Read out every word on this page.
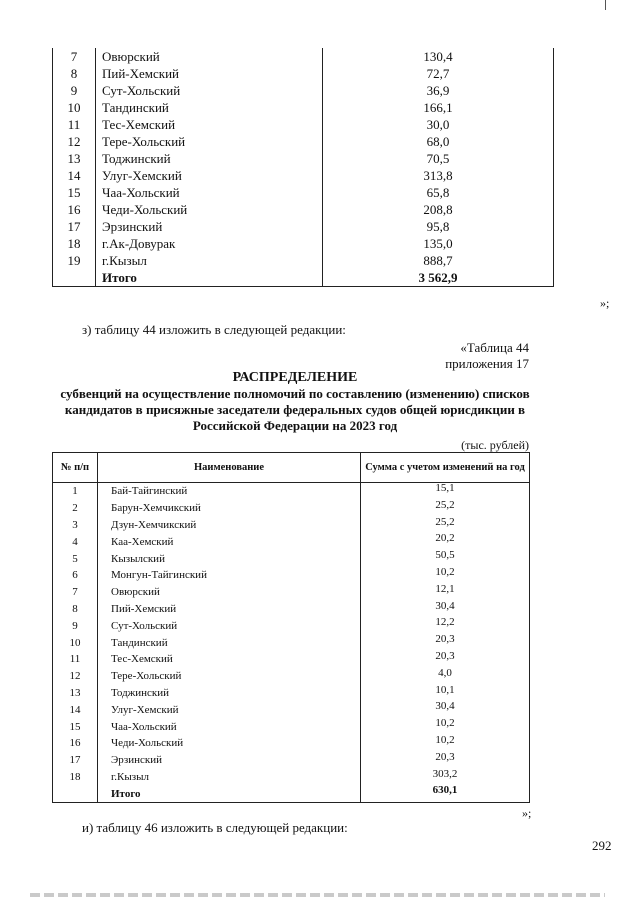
7	Овюрский	130,4
8	Пий-Хемский	72,7
9	Сут-Хольский	36,9
10	Тандинский	166,1
11	Тес-Хемский	30,0
12	Тере-Хольский	68,0
13	Тоджинский	70,5
14	Улуг-Хемский	313,8
15	Чаа-Хольский	65,8
16	Чеди-Хольский	208,8
17	Эрзинский	95,8
18	г.Ак-Довурак	135,0
19	г.Кызыл	888,7
	Итого	3 562,9
»;
з) таблицу 44 изложить в следующей редакции:
«Таблица 44
приложения 17
РАСПРЕДЕЛЕНИЕ
субвенций на осуществление полномочий по составлению (изменению) списков
кандидатов в присяжные заседатели федеральных судов общей юрисдикции в
Российской Федерации на 2023 год
(тыс. рублей)
№ п/п	Наименование	Сумма с учетом изменений на год
1	Бай-Тайгинский	15,1
2	Барун-Хемчикский	25,2
3	Дзун-Хемчикский	25,2
4	Каа-Хемский	20,2
5	Кызылский	50,5
6	Монгун-Тайгинский	10,2
7	Овюрский	12,1
8	Пий-Хемский	30,4
9	Сут-Хольский	12,2
10	Тандинский	20,3
11	Тес-Хемский	20,3
12	Тере-Хольский	4,0
13	Тоджинский	10,1
14	Улуг-Хемский	30,4
15	Чаа-Хольский	10,2
16	Чеди-Хольский	10,2
17	Эрзинский	20,3
18	г.Кызыл	303,2
	Итого	630,1
»;
и) таблицу 46 изложить в следующей редакции:
292
